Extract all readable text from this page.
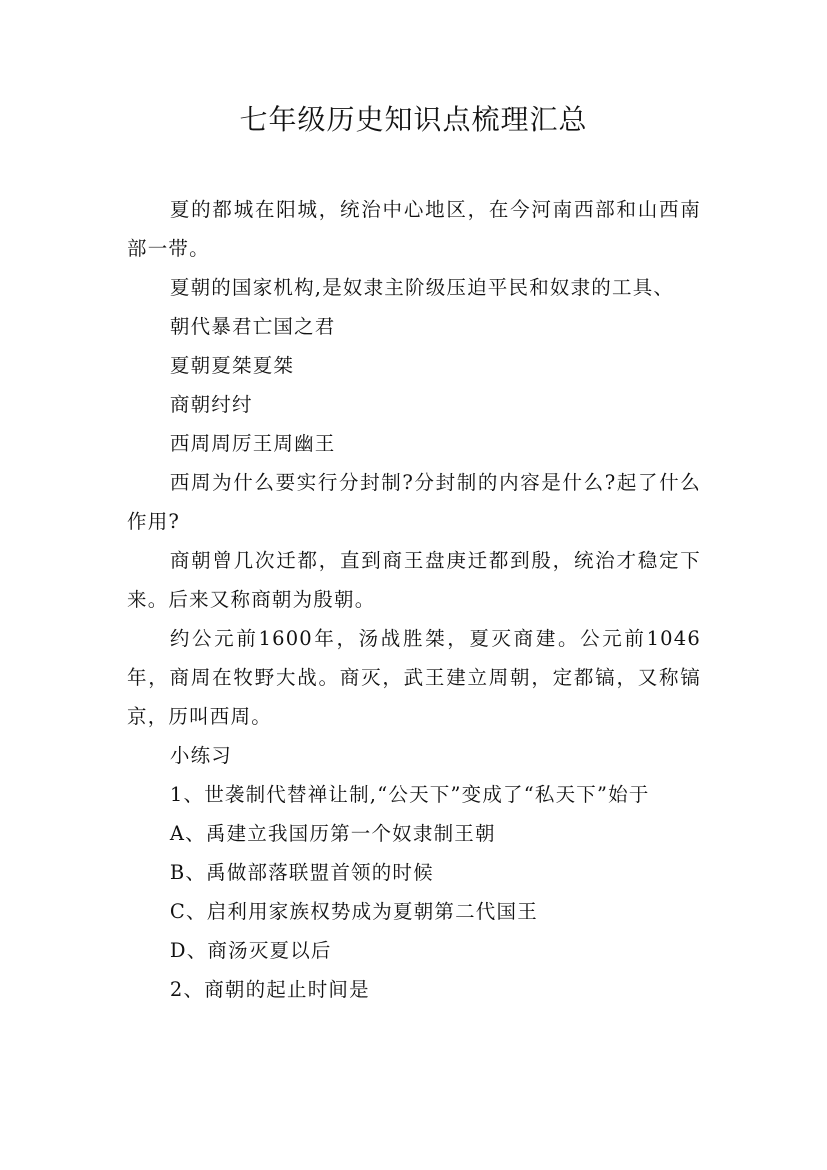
七年级历史知识点梳理汇总

夏的都城在阳城，统治中心地区，在今河南西部和山西南部一带。

夏朝的国家机构,是奴隶主阶级压迫平民和奴隶的工具、

朝代暴君亡国之君

夏朝夏桀夏桀

商朝纣纣

西周周厉王周幽王

西周为什么要实行分封制?分封制的内容是什么?起了什么作用?

商朝曾几次迁都，直到商王盘庚迁都到殷，统治才稳定下来。后来又称商朝为殷朝。

约公元前1600年，汤战胜桀，夏灭商建。公元前1046年，商周在牧野大战。商灭，武王建立周朝，定都镐，又称镐京，历叫西周。

小练习

1、世袭制代替禅让制,“公天下”变成了“私天下”始于

A、禹建立我国历第一个奴隶制王朝

B、禹做部落联盟首领的时候

C、启利用家族权势成为夏朝第二代国王

D、商汤灭夏以后

2、商朝的起止时间是
